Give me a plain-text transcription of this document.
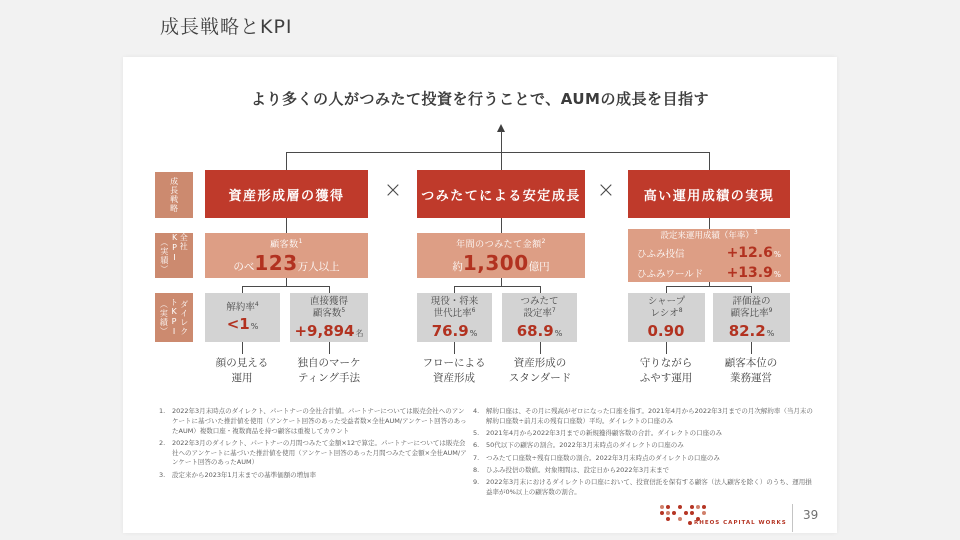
成長戦略とKPI
より多くの人がつみたて投資を行うことで、AUMの成長を目指す
成長戦略
全社KPI
（実績）
ダイレク
トKPI
（実績）
資産形成層の獲得	つみたてによる安定成長	高い運用成績の実現
×	×
顧客数$^1$
のべ123万人以上
年間のつみたて金額$^2$
約1,300億円
設定来運用成績（年率）$^3$
ひふみ投信	+12.6%
ひふみワールド +13.9%
解約率$^4$
<1%
直接獲得
顧客数$^5$
+9,894名
現役・将来
世代比率$^6$
76.9%
つみたて
設定率$^7$
68.9%
シャープ
レシオ$^8$
0.90
評価益の
顧客比率$^9$
82.2%
顔の見える
運用
独自のマーケ
ティング手法
フローによる
資産形成
資産形成の
スタンダード
守りながら
ふやす運用
顧客本位の
業務運営
1.	2022年3月末時点のダイレクト、パートナーの全社合計値。パートナーについては販売会社へのアンケートに基づいた推計値を使用（アンケート回答のあった受益者数×全社AUM/アンケート回答のあったAUM）複数口座・複数商品を持つ顧客は重複してカウント
2.	2022年3月のダイレクト、パートナーの月間つみたて金額×12で算定。パートナーについては販売会社へのアンケートに基づいた推計値を使用（アンケート回答のあった月間つみたて金額×全社AUM/アンケート回答のあったAUM）
3.	設定来から2023年1月末までの基準価額の増加率
4.	解約口座は、その月に残高がゼロになった口座を指す。2021年4月から2022年3月までの月次解約率（当月末の解約口座数÷前月末の残有口座数）平均。ダイレクトの口座のみ
5.	2021年4月から2022年3月までの新規獲得顧客数の合計。ダイレクトの口座のみ
6.	50代以下の顧客の割合。2022年3月末時点のダイレクトの口座のみ
7.	つみたて口座数÷残有口座数の割合。2022年3月末時点のダイレクトの口座のみ
8.	ひふみ投信の数値。対象期間は、設定日から2022年3月末まで
9.	2022年3月末におけるダイレクトの口座において、投資信託を保有する顧客（法人顧客を除く）のうち、運用損益率が0%以上の顧客数の割合。
RHEOS CAPITAL WORKS
39
